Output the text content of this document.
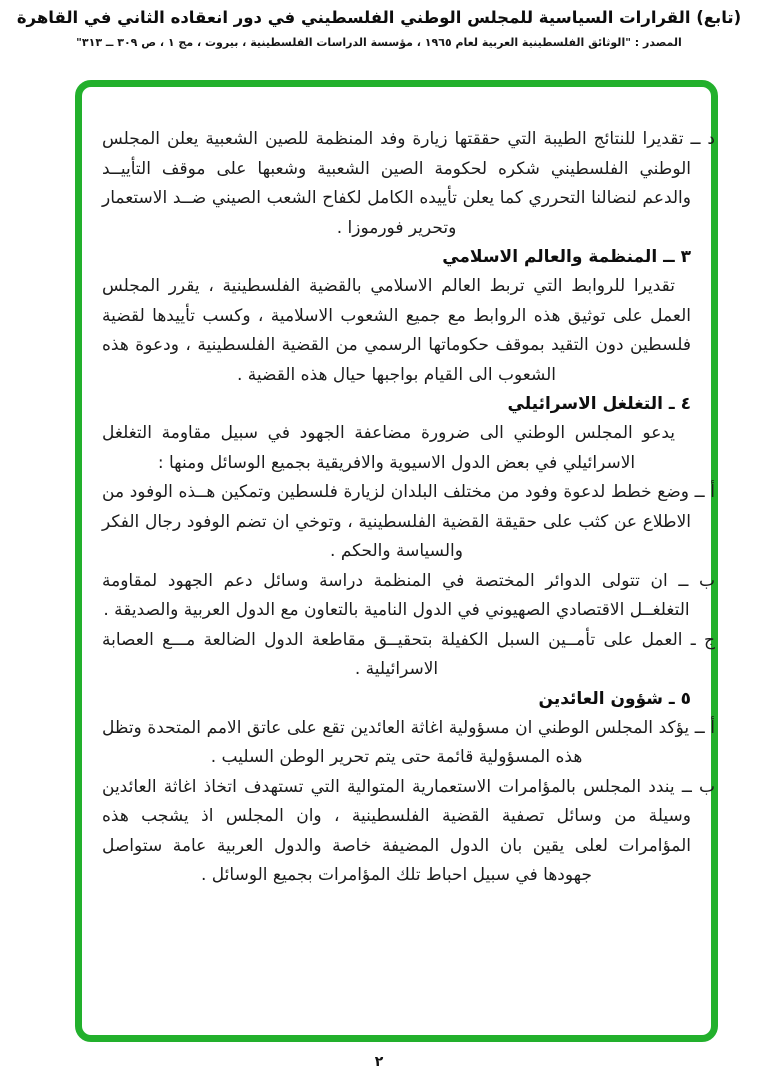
(تابع) القرارات السياسية للمجلس الوطني الفلسطيني في دور انعقاده الثاني في القاهرة
المصدر : "الوثائق الفلسطينية العربية لعام ١٩٦٥ ، مؤسسة الدراسات الفلسطينية ، بيروت ، مج ١ ، ص ٣٠٩ ــ ٣١٣"

د ــ تقديرا للنتائج الطيبة التي حققتها زيارة وفد المنظمة للصين الشعبية يعلن المجلس الوطني الفلسطيني شكره لحكومة الصين الشعبية وشعبها على موقف التأييــد والدعم لنضالنا التحرري كما يعلن تأييده الكامل لكفاح الشعب الصيني ضــد الاستعمار وتحرير فورموزا .

٣ ــ المنظمة والعالم الاسلامي

تقديرا للروابط التي تربط العالم الاسلامي بالقضية الفلسطينية ، يقرر المجلس العمل على توثيق هذه الروابط مع جميع الشعوب الاسلامية ، وكسب تأييدها لقضية فلسطين دون التقيد بموقف حكوماتها الرسمي من القضية الفلسطينية ، ودعوة هذه الشعوب الى القيام بواجبها حيال هذه القضية .

٤ ـ التغلغل الاسرائيلي

يدعو المجلس الوطني الى ضرورة مضاعفة الجهود في سبيل مقاومة التغلغل الاسرائيلي في بعض الدول الاسيوية والافريقية بجميع الوسائل ومنها :

أ ــ وضع خطط لدعوة وفود من مختلف البلدان لزيارة فلسطين وتمكين هــذه الوفود من الاطلاع عن كثب على حقيقة القضية الفلسطينية ، وتوخي ان تضم الوفود رجال الفكر والسياسة والحكم .

ب ــ ان تتولى الدوائر المختصة في المنظمة دراسة وسائل دعم الجهود لمقاومة التغلغــل الاقتصادي الصهيوني في الدول النامية بالتعاون مع الدول العربية والصديقة .

ج ـ العمل على تأمــين السبل الكفيلة بتحقيــق مقاطعة الدول الضالعة مـــع العصابة الاسرائيلية .

٥ ـ شؤون العائدين

أ ــ يؤكد المجلس الوطني ان مسؤولية اغاثة العائدين تقع على عاتق الامم المتحدة وتظل هذه المسؤولية قائمة حتى يتم تحرير الوطن السليب .

ب ــ يندد المجلس بالمؤامرات الاستعمارية المتوالية التي تستهدف اتخاذ اغاثة العائدين وسيلة من وسائل تصفية القضية الفلسطينية ، وان المجلس اذ يشجب هذه المؤامرات لعلى يقين بان الدول المضيفة خاصة والدول العربية عامة ستواصل جهودها في سبيل احباط تلك المؤامرات بجميع الوسائل .

٢
